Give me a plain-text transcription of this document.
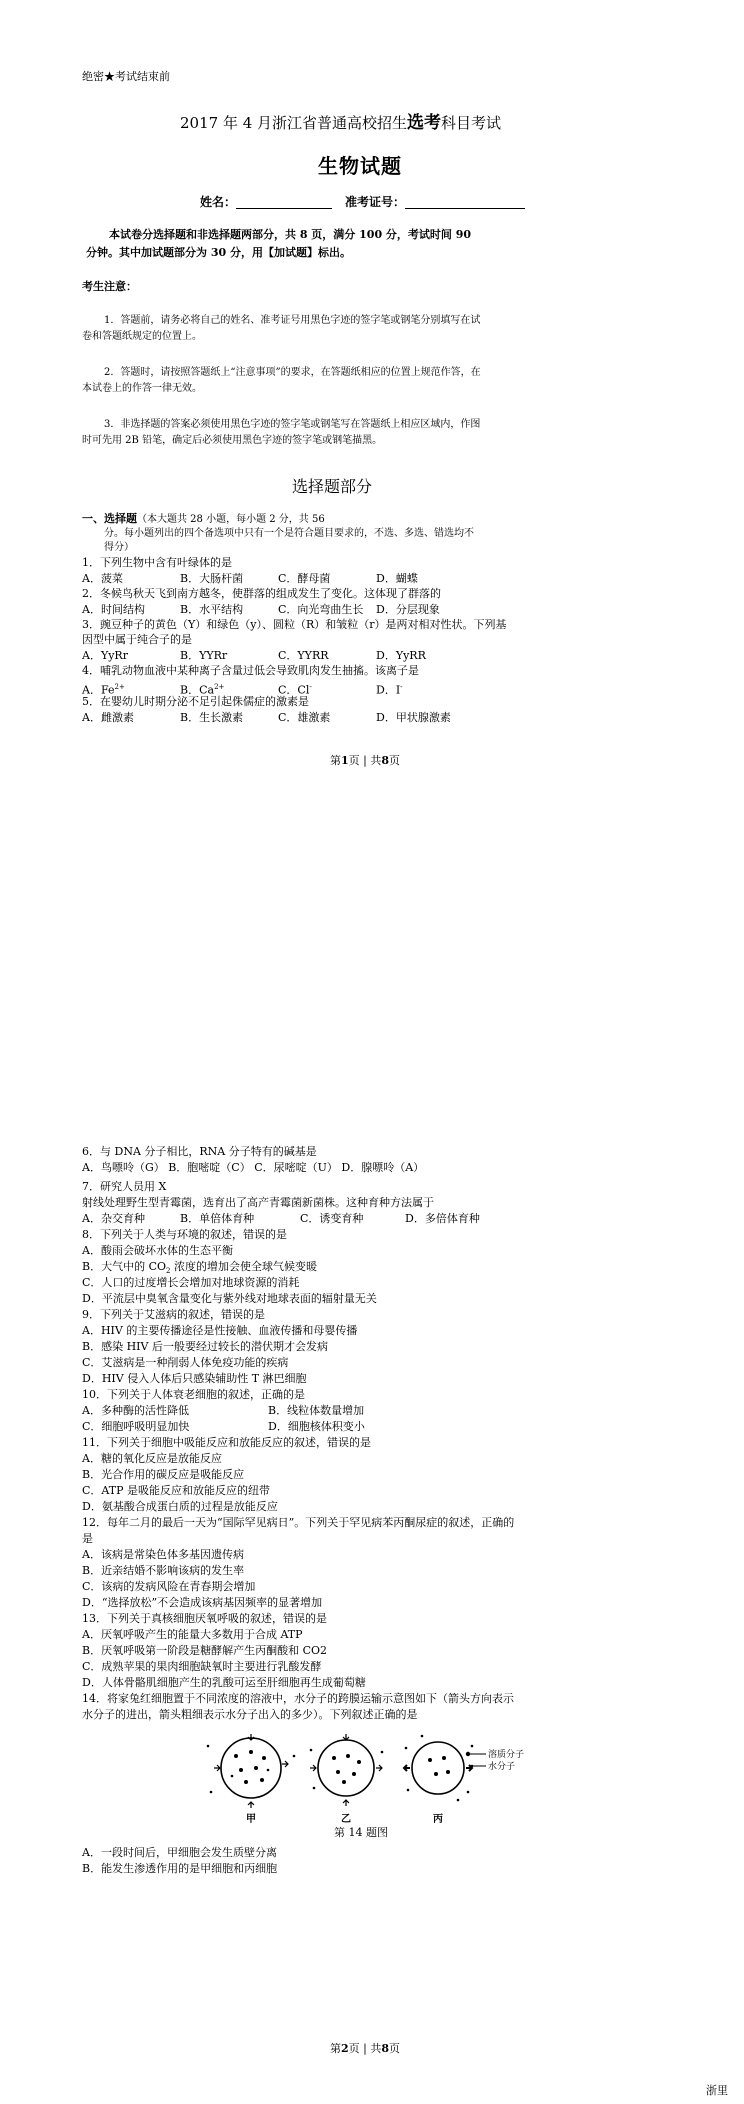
绝密★考试结束前
2017 年 4 月浙江省普通高校招生选考科目考试
生物试题
姓名：	准考证号：
本试卷分选择题和非选择题两部分，共 8 页，满分 100 分，考试时间 90
分钟。其中加试题部分为 30 分，用【加试题】标出。
考生注意：
1．答题前，请务必将自己的姓名、准考证号用黑色字迹的签字笔或钢笔分别填写在试
卷和答题纸规定的位置上。
2．答题时，请按照答题纸上“注意事项”的要求，在答题纸相应的位置上规范作答，在
本试卷上的作答一律无效。
3．非选择题的答案必须使用黑色字迹的签字笔或钢笔写在答题纸上相应区域内，作图
时可先用 2B 铅笔，确定后必须使用黑色字迹的签字笔或钢笔描黑。
选择题部分
一、选择题（本大题共 28 小题，每小题 2 分，共 56
分。每小题列出的四个备选项中只有一个是符合题目要求的，不选、多选、错选均不
得分）
1．下列生物中含有叶绿体的是
A．菠菜	B．大肠杆菌	C．酵母菌	D．蝴蝶
2．冬候鸟秋天飞到南方越冬，使群落的组成发生了变化。这体现了群落的
A．时间结构	B．水平结构	C．向光弯曲生长 D．分层现象
3．豌豆种子的黄色（Y）和绿色（y）、圆粒（R）和皱粒（r）是两对相对性状。下列基
因型中属于纯合子的是
A．YyRr	B．YYRr	C．YYRR	D．YyRR
4．哺乳动物血液中某种离子含量过低会导致肌肉发生抽搐。该离子是
A．$Fe^{2+}$	B．$Ca^{2+}$	C．Cl-	D．I-
5．在婴幼儿时期分泌不足引起侏儒症的激素是
A．雌激素	B．生长激素	C．雄激素	D．甲状腺激素
第1页 | 共8页
6．与 DNA 分子相比，RNA 分子特有的碱基是
A．鸟嘌呤（G） B．胞嘧啶（C） C．尿嘧啶（U） D．腺嘌呤（A）
7．研究人员用 X
射线处理野生型青霉菌，选育出了高产青霉菌新菌株。这种育种方法属于
A．杂交育种	B．单倍体育种	C．诱变育种	D．多倍体育种
8．下列关于人类与环境的叙述，错误的是
A．酸雨会破坏水体的生态平衡
B．大气中的 $CO_2$ 浓度的增加会使全球气候变暖
C．人口的过度增长会增加对地球资源的消耗
D．平流层中臭氧含量变化与紫外线对地球表面的辐射量无关
9．下列关于艾滋病的叙述，错误的是
A．HIV 的主要传播途径是性接触、血液传播和母婴传播
B．感染 HIV 后一般要经过较长的潜伏期才会发病
C．艾滋病是一种削弱人体免疫功能的疾病
D．HIV 侵入人体后只感染辅助性 T 淋巴细胞
10．下列关于人体衰老细胞的叙述，正确的是
A．多种酶的活性降低	B．线粒体数量增加
C．细胞呼吸明显加快	D．细胞核体积变小
11．下列关于细胞中吸能反应和放能反应的叙述，错误的是
A．糖的氧化反应是放能反应
B．光合作用的碳反应是吸能反应
C．ATP 是吸能反应和放能反应的纽带
D．氨基酸合成蛋白质的过程是放能反应
12．每年二月的最后一天为“国际罕见病日”。下列关于罕见病苯丙酮尿症的叙述，正确的
是
A．该病是常染色体多基因遗传病
B．近亲结婚不影响该病的发生率
C．该病的发病风险在青春期会增加
D．“选择放松”不会造成该病基因频率的显著增加
13．下列关于真核细胞厌氧呼吸的叙述，错误的是
A．厌氧呼吸产生的能量大多数用于合成 ATP
B．厌氧呼吸第一阶段是糖酵解产生丙酮酸和 CO2
C．成熟苹果的果肉细胞缺氧时主要进行乳酸发酵
D．人体骨骼肌细胞产生的乳酸可运至肝细胞再生成葡萄糖
14．将家兔红细胞置于不同浓度的溶液中，水分子的跨膜运输示意图如下（箭头方向表示
水分子的进出，箭头粗细表示水分子出入的多少）。下列叙述正确的是
溶质分子
水分子
甲	乙	丙
第 14 题图
A．一段时间后，甲细胞会发生质壁分离
B．能发生渗透作用的是甲细胞和丙细胞
第2页 | 共8页
浙里
